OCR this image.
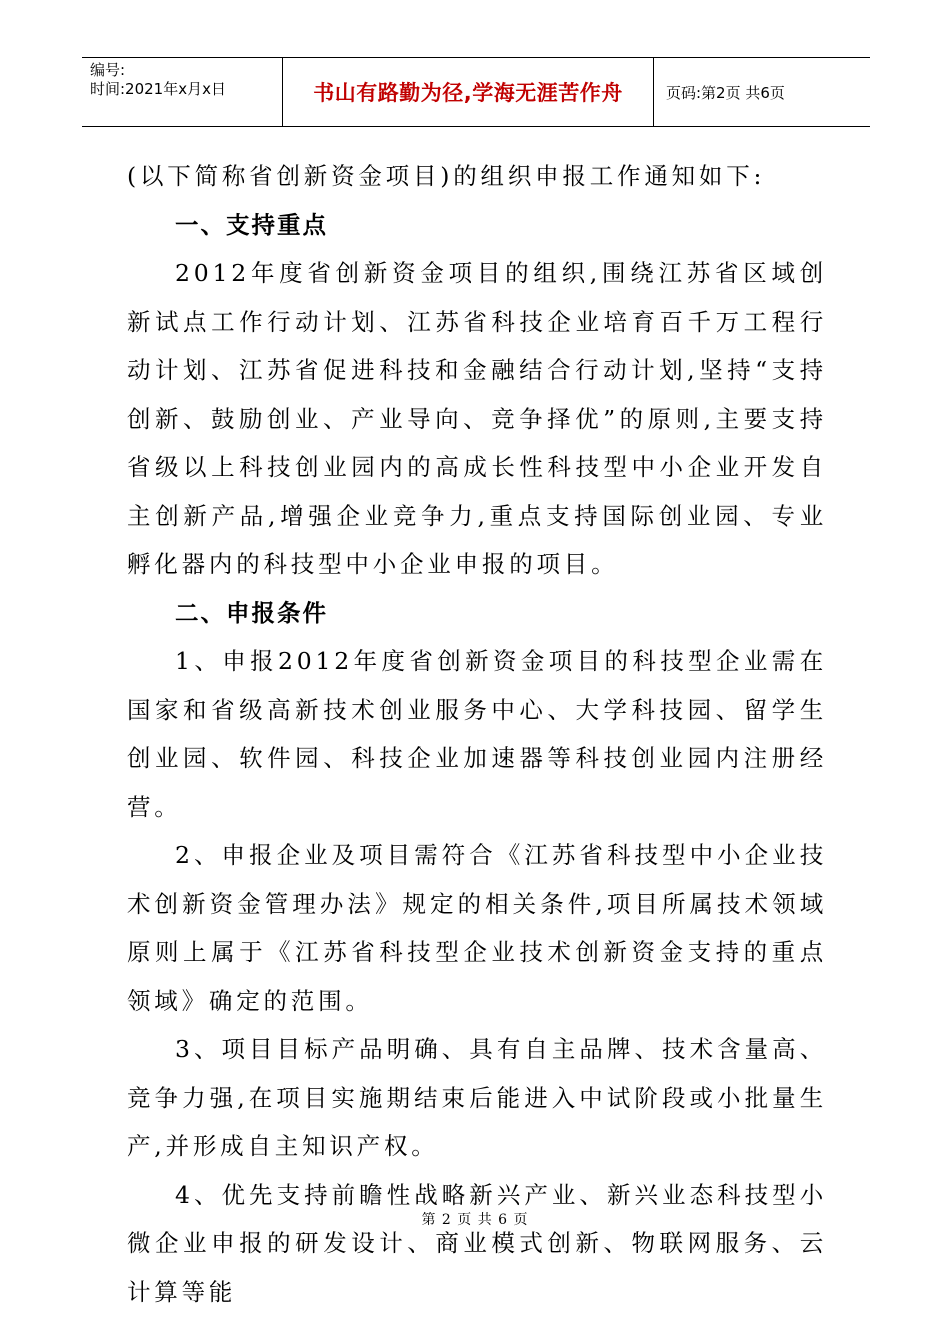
编号:
时间:2021年x月x日	书山有路勤为径,学海无涯苦作舟	页码:第2页 共6页

(以下简称省创新资金项目)的组织申报工作通知如下:

一、支持重点

2012年度省创新资金项目的组织,围绕江苏省区域创新试点工作行动计划、江苏省科技企业培育百千万工程行动计划、江苏省促进科技和金融结合行动计划,坚持“支持创新、鼓励创业、产业导向、竞争择优”的原则,主要支持省级以上科技创业园内的高成长性科技型中小企业开发自主创新产品,增强企业竞争力,重点支持国际创业园、专业孵化器内的科技型中小企业申报的项目。

二、申报条件

1、申报2012年度省创新资金项目的科技型企业需在国家和省级高新技术创业服务中心、大学科技园、留学生创业园、软件园、科技企业加速器等科技创业园内注册经营。

2、申报企业及项目需符合《江苏省科技型中小企业技术创新资金管理办法》规定的相关条件,项目所属技术领域原则上属于《江苏省科技型企业技术创新资金支持的重点领域》确定的范围。

3、项目目标产品明确、具有自主品牌、技术含量高、竞争力强,在项目实施期结束后能进入中试阶段或小批量生产,并形成自主知识产权。

4、优先支持前瞻性战略新兴产业、新兴业态科技型小微企业申报的研发设计、商业模式创新、物联网服务、云计算等能

第 2 页 共 6 页
